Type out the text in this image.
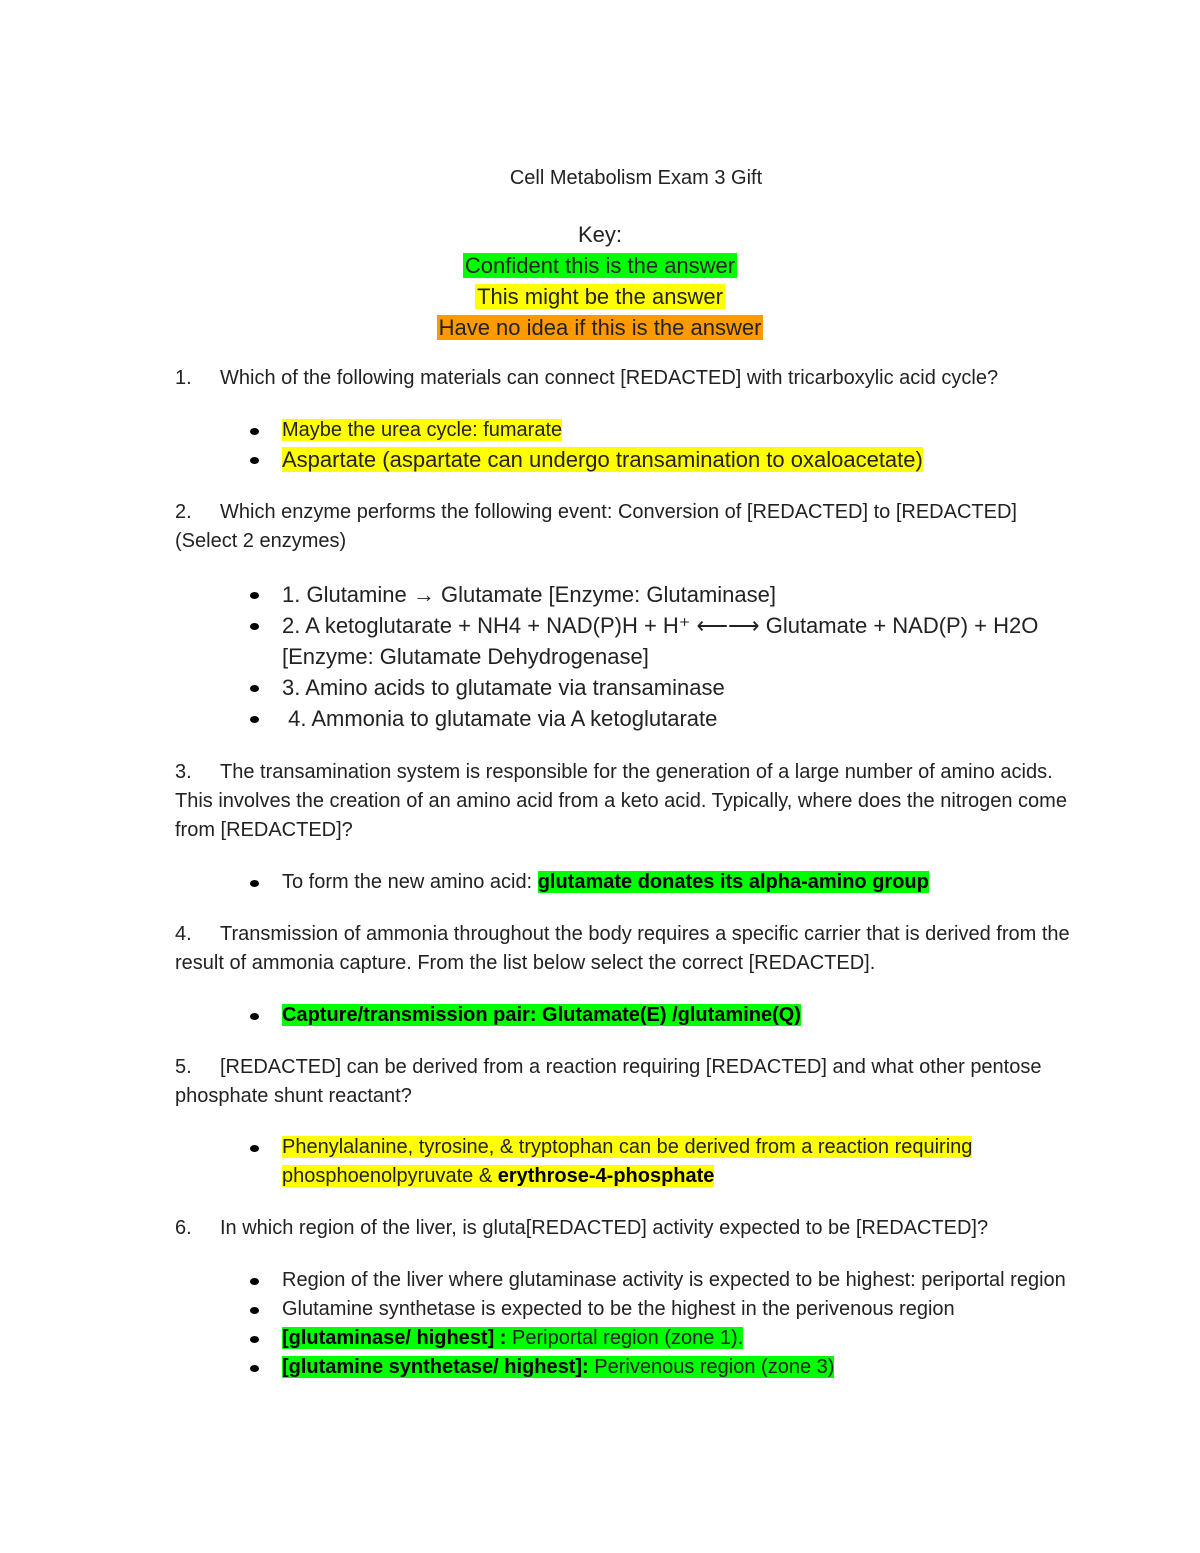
Cell Metabolism Exam 3 Gift
Key:
Confident this is the answer
This might be the answer
Have no idea if this is the answer
1. Which of the following materials can connect [REDACTED] with tricarboxylic acid cycle?
Maybe the urea cycle: fumarate
Aspartate (aspartate can undergo transamination to oxaloacetate)
2. Which enzyme performs the following event: Conversion of [REDACTED] to [REDACTED] (Select 2 enzymes)
1. Glutamine → Glutamate [Enzyme: Glutaminase]
2. A ketoglutarate + NH4 + NAD(P)H + H⁺ ⟵⟶ Glutamate + NAD(P) + H2O [Enzyme: Glutamate Dehydrogenase]
3. Amino acids to glutamate via transaminase
4. Ammonia to glutamate via A ketoglutarate
3. The transamination system is responsible for the generation of a large number of amino acids. This involves the creation of an amino acid from a keto acid. Typically, where does the nitrogen come from [REDACTED]?
To form the new amino acid: glutamate donates its alpha-amino group
4. Transmission of ammonia throughout the body requires a specific carrier that is derived from the result of ammonia capture. From the list below select the correct [REDACTED].
Capture/transmission pair: Glutamate(E) /glutamine(Q)
5. [REDACTED] can be derived from a reaction requiring [REDACTED] and what other pentose phosphate shunt reactant?
Phenylalanine, tyrosine, & tryptophan can be derived from a reaction requiring phosphoenolpyruvate & erythrose-4-phosphate
6. In which region of the liver, is gluta[REDACTED] activity expected to be [REDACTED]?
Region of the liver where glutaminase activity is expected to be highest: periportal region
Glutamine synthetase is expected to be the highest in the perivenous region
[glutaminase/ highest] : Periportal region (zone 1).
[glutamine synthetase/ highest]: Perivenous region (zone 3)
